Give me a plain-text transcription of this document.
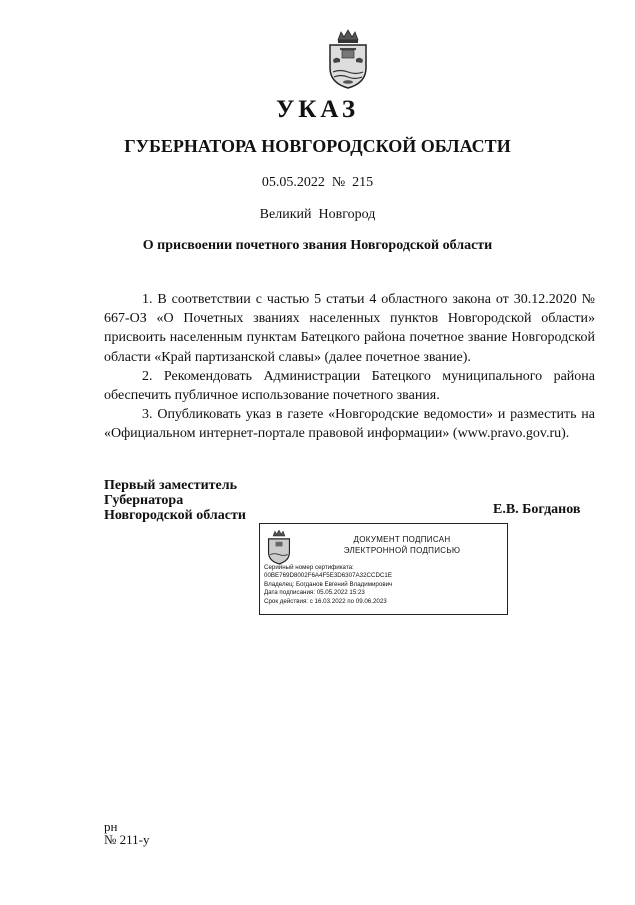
УКАЗ
ГУБЕРНАТОРА НОВГОРОДСКОЙ ОБЛАСТИ
05.05.2022  №  215
Великий  Новгород
О присвоении почетного звания Новгородской области

1. В соответствии с частью 5 статьи 4 областного закона от 30.12.2020 № 667-ОЗ «О Почетных званиях населенных пунктов Новгородской области» присвоить населенным пунктам Батецкого района почетное звание Новгородской области «Край партизанской славы» (далее почетное звание).

2. Рекомендовать Администрации Батецкого муниципального района обеспечить публичное использование почетного звания.

3. Опубликовать указ в газете «Новгородские ведомости» и разместить на «Официальном интернет-портале правовой информации» (www.pravo.gov.ru).

Первый заместитель
Губернатора
Новгородской области	Е.В. Богданов
ДОКУМЕНТ ПОДПИСАН
ЭЛЕКТРОННОЙ ПОДПИСЬЮ
Серийный номер сертификата:
00BE769D8002F6A4F5E3D6307A32CCDC1E
Владелец: Богданов Евгений Владимирович
Дата подписания: 05.05.2022 15:23
Срок действия: с 16.03.2022 по 09.06.2023
рн
№ 211-у
